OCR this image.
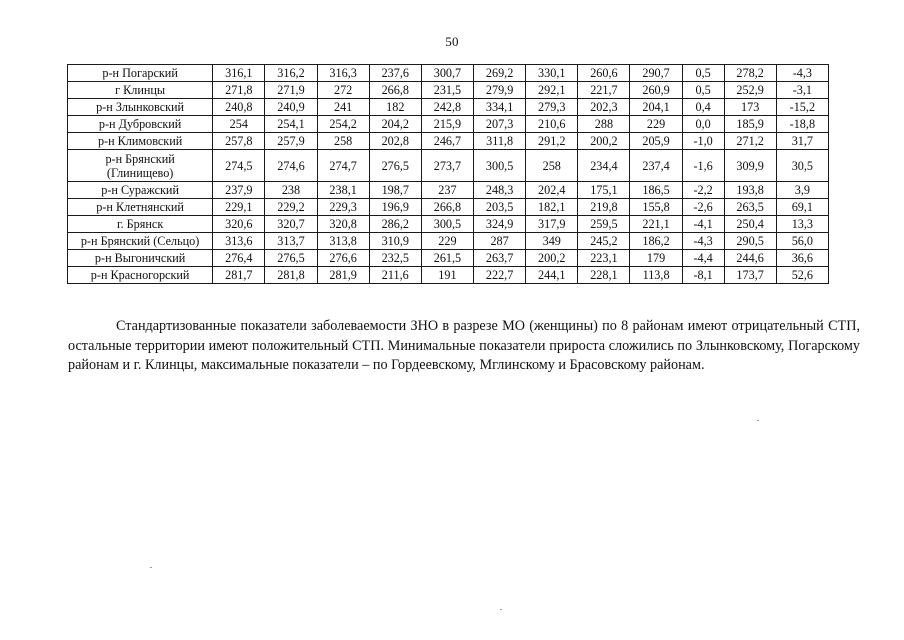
50
р-н Погарский	316,1	316,2	316,3	237,6	300,7	269,2	330,1	260,6	290,7	0,5	278,2	-4,3
г Клинцы	271,8	271,9	272	266,8	231,5	279,9	292,1	221,7	260,9	0,5	252,9	-3,1
р-н Злынковский	240,8	240,9	241	182	242,8	334,1	279,3	202,3	204,1	0,4	173	-15,2
р-н Дубровский	254	254,1	254,2	204,2	215,9	207,3	210,6	288	229	0,0	185,9	-18,8
р-н Климовский	257,8	257,9	258	202,8	246,7	311,8	291,2	200,2	205,9	-1,0	271,2	31,7
р-н Брянский (Глинищево)	274,5	274,6	274,7	276,5	273,7	300,5	258	234,4	237,4	-1,6	309,9	30,5
р-н Суражский	237,9	238	238,1	198,7	237	248,3	202,4	175,1	186,5	-2,2	193,8	3,9
р-н Клетнянский	229,1	229,2	229,3	196,9	266,8	203,5	182,1	219,8	155,8	-2,6	263,5	69,1
г. Брянск	320,6	320,7	320,8	286,2	300,5	324,9	317,9	259,5	221,1	-4,1	250,4	13,3
р-н Брянский (Сельцо)	313,6	313,7	313,8	310,9	229	287	349	245,2	186,2	-4,3	290,5	56,0
р-н Выгоничский	276,4	276,5	276,6	232,5	261,5	263,7	200,2	223,1	179	-4,4	244,6	36,6
р-н Красногорский	281,7	281,8	281,9	211,6	191	222,7	244,1	228,1	113,8	-8,1	173,7	52,6

Стандартизованные показатели заболеваемости ЗНО в разрезе МО (женщины) по 8 районам имеют отрицательный СТП, остальные территории имеют положительный СТП. Минимальные показатели прироста сложились по Злынковскому, Погарскому районам и г. Клинцы, максимальные показатели – по Гордеевскому, Мглинскому и Брасовскому районам.
